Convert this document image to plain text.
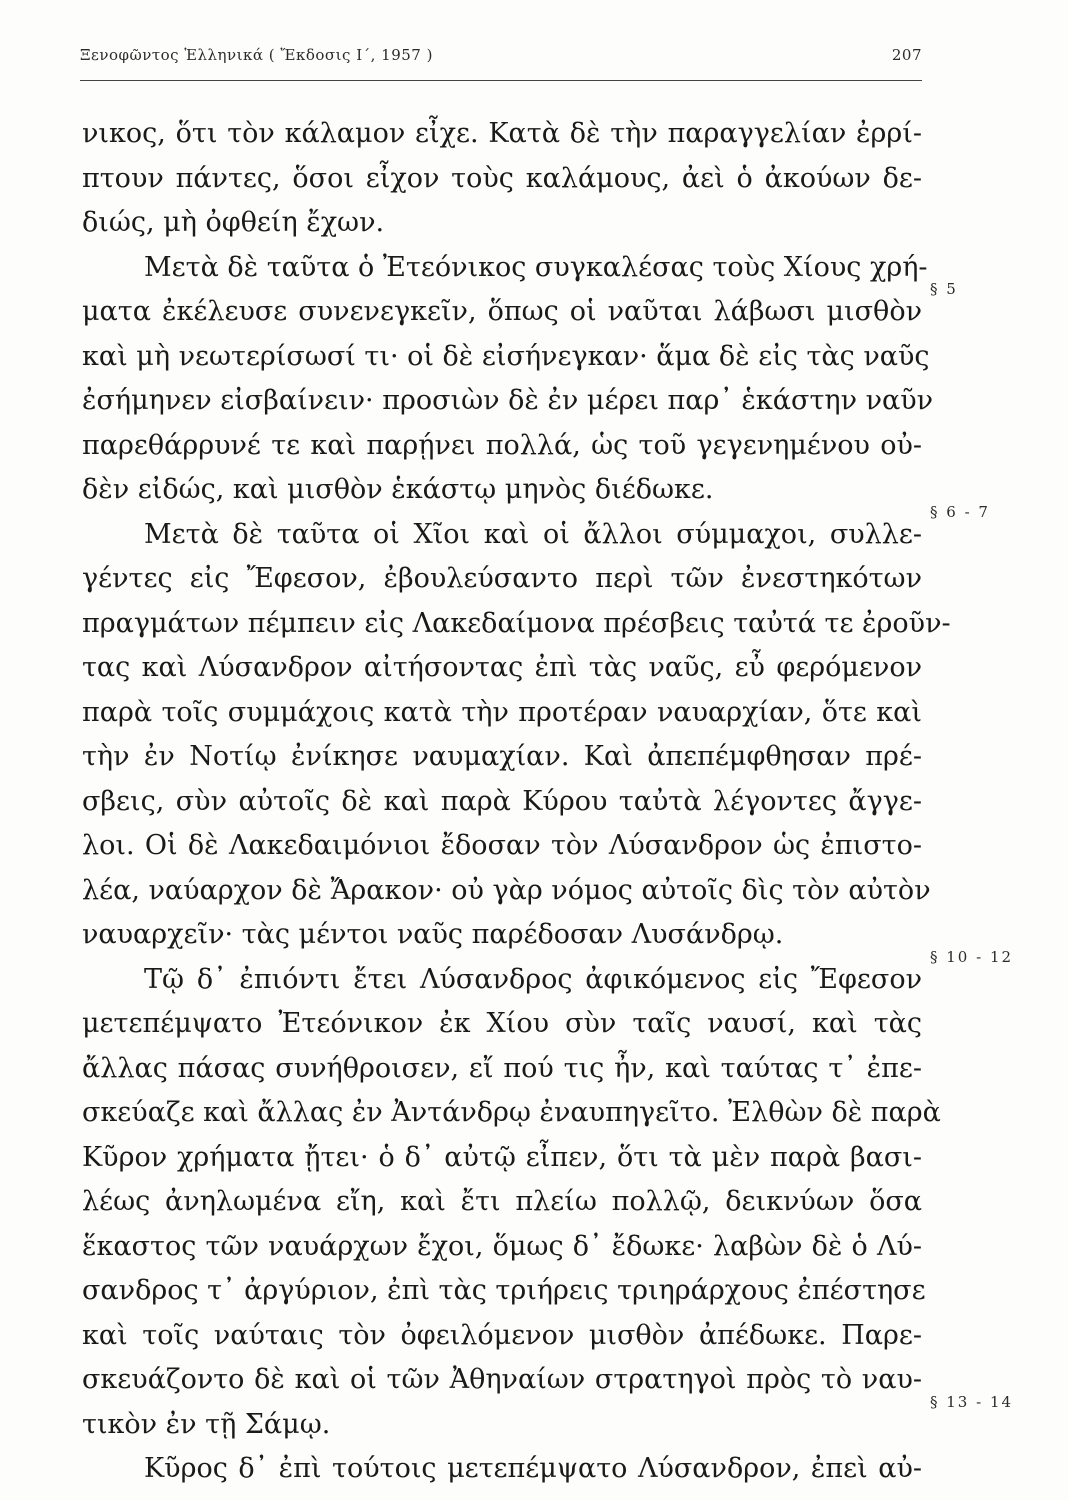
Ξενοφῶντος Ἑλληνικά ( Ἔκδοσις Ι΄, 1957 )	207
νικος, ὅτι τὸν κάλαμον εἶχε. Κατὰ δὲ τὴν παραγγελίαν ἐρρί-
πτουν πάντες, ὅσοι εἶχον τοὺς καλάμους, ἀεὶ ὁ ἀκούων δε-
διώς, μὴ ὀφθείη ἔχων.
Μετὰ δὲ ταῦτα ὁ Ἐτεόνικος συγκαλέσας τοὺς Χίους χρή-
ματα ἐκέλευσε συνενεγκεῖν, ὅπως οἱ ναῦται λάβωσι μισθὸν
καὶ μὴ νεωτερίσωσί τι· οἱ δὲ εἰσήνεγκαν· ἅμα δὲ εἰς τὰς ναῦς
ἐσήμηνεν εἰσβαίνειν· προσιὼν δὲ ἐν μέρει παρ᾿ ἑκάστην ναῦν
παρεθάρρυνέ τε καὶ παρῄνει πολλά, ὡς τοῦ γεγενημένου οὐ-
δὲν εἰδώς, καὶ μισθὸν ἑκάστῳ μηνὸς διέδωκε.
Μετὰ δὲ ταῦτα οἱ Χῖοι καὶ οἱ ἄλλοι σύμμαχοι, συλλε-
γέντες εἰς Ἔφεσον, ἐβουλεύσαντο περὶ τῶν ἐνεστηκότων
πραγμάτων πέμπειν εἰς Λακεδαίμονα πρέσβεις ταὐτά τε ἐροῦν-
τας καὶ Λύσανδρον αἰτήσοντας ἐπὶ τὰς ναῦς, εὖ φερόμενον
παρὰ τοῖς συμμάχοις κατὰ τὴν προτέραν ναυαρχίαν, ὅτε καὶ
τὴν ἐν Νοτίῳ ἐνίκησε ναυμαχίαν. Καὶ ἀπεπέμφθησαν πρέ-
σβεις, σὺν αὐτοῖς δὲ καὶ παρὰ Κύρου ταὐτὰ λέγοντες ἄγγε-
λοι. Οἱ δὲ Λακεδαιμόνιοι ἔδοσαν τὸν Λύσανδρον ὡς ἐπιστο-
λέα, ναύαρχον δὲ Ἄρακον· οὐ γὰρ νόμος αὐτοῖς δὶς τὸν αὐτὸν
ναυαρχεῖν· τὰς μέντοι ναῦς παρέδοσαν Λυσάνδρῳ.
Τῷ δ᾿ ἐπιόντι ἔτει Λύσανδρος ἀφικόμενος εἰς Ἔφεσον
μετεπέμψατο Ἐτεόνικον ἐκ Χίου σὺν ταῖς ναυσί, καὶ τὰς
ἄλλας πάσας συνήθροισεν, εἴ πού τις ἦν, καὶ ταύτας τ᾿ ἐπε-
σκεύαζε καὶ ἄλλας ἐν Ἀντάνδρῳ ἐναυπηγεῖτο. Ἐλθὼν δὲ παρὰ
Κῦρον χρήματα ᾔτει· ὁ δ᾿ αὐτῷ εἶπεν, ὅτι τὰ μὲν παρὰ βασι-
λέως ἀνηλωμένα εἴη, καὶ ἔτι πλείω πολλῷ, δεικνύων ὅσα
ἕκαστος τῶν ναυάρχων ἔχοι, ὅμως δ᾿ ἔδωκε· λαβὼν δὲ ὁ Λύ-
σανδρος τ᾿ ἀργύριον, ἐπὶ τὰς τριήρεις τριηράρχους ἐπέστησε
καὶ τοῖς ναύταις τὸν ὀφειλόμενον μισθὸν ἀπέδωκε. Παρε-
σκευάζοντο δὲ καὶ οἱ τῶν Ἀθηναίων στρατηγοὶ πρὸς τὸ ναυ-
τικὸν ἐν τῇ Σάμῳ.
Κῦρος δ᾿ ἐπὶ τούτοις μετεπέμψατο Λύσανδρον, ἐπεὶ αὐ-
§ 5
§ 6 - 7
§ 10 - 12
§ 13 - 14
